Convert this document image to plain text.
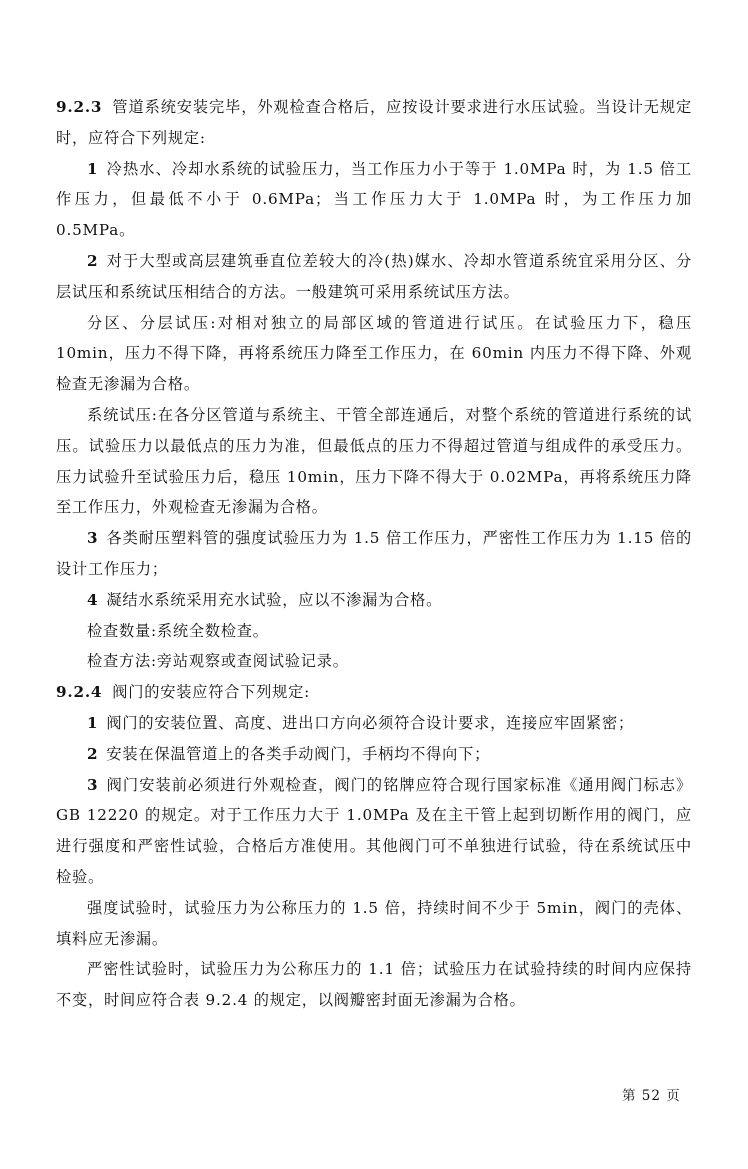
9.2.3 管道系统安装完毕，外观检查合格后，应按设计要求进行水压试验。当设计无规定时，应符合下列规定:

1 冷热水、冷却水系统的试验压力，当工作压力小于等于 1.0MPa 时，为 1.5 倍工作压力，但最低不小于 0.6MPa；当工作压力大于 1.0MPa 时，为工作压力加 0.5MPa。

2 对于大型或高层建筑垂直位差较大的冷(热)媒水、冷却水管道系统宜采用分区、分层试压和系统试压相结合的方法。一般建筑可采用系统试压方法。

分区、分层试压:对相对独立的局部区域的管道进行试压。在试验压力下，稳压 10min，压力不得下降，再将系统压力降至工作压力，在 60min 内压力不得下降、外观检查无渗漏为合格。

系统试压:在各分区管道与系统主、干管全部连通后，对整个系统的管道进行系统的试压。试验压力以最低点的压力为准，但最低点的压力不得超过管道与组成件的承受压力。压力试验升至试验压力后，稳压 10min，压力下降不得大于 0.02MPa，再将系统压力降至工作压力，外观检查无渗漏为合格。

3 各类耐压塑料管的强度试验压力为 1.5 倍工作压力，严密性工作压力为 1.15 倍的设计工作压力；

4 凝结水系统采用充水试验，应以不渗漏为合格。

检查数量:系统全数检查。

检查方法:旁站观察或查阅试验记录。

9.2.4 阀门的安装应符合下列规定:

1 阀门的安装位置、高度、进出口方向必须符合设计要求，连接应牢固紧密；

2 安装在保温管道上的各类手动阀门，手柄均不得向下；

3 阀门安装前必须进行外观检查，阀门的铭牌应符合现行国家标准《通用阀门标志》GB 12220 的规定。对于工作压力大于 1.0MPa 及在主干管上起到切断作用的阀门，应进行强度和严密性试验，合格后方准使用。其他阀门可不单独进行试验，待在系统试压中检验。

强度试验时，试验压力为公称压力的 1.5 倍，持续时间不少于 5min，阀门的壳体、填料应无渗漏。

严密性试验时，试验压力为公称压力的 1.1 倍；试验压力在试验持续的时间内应保持不变，时间应符合表 9.2.4 的规定，以阀瓣密封面无渗漏为合格。

第 52 页
